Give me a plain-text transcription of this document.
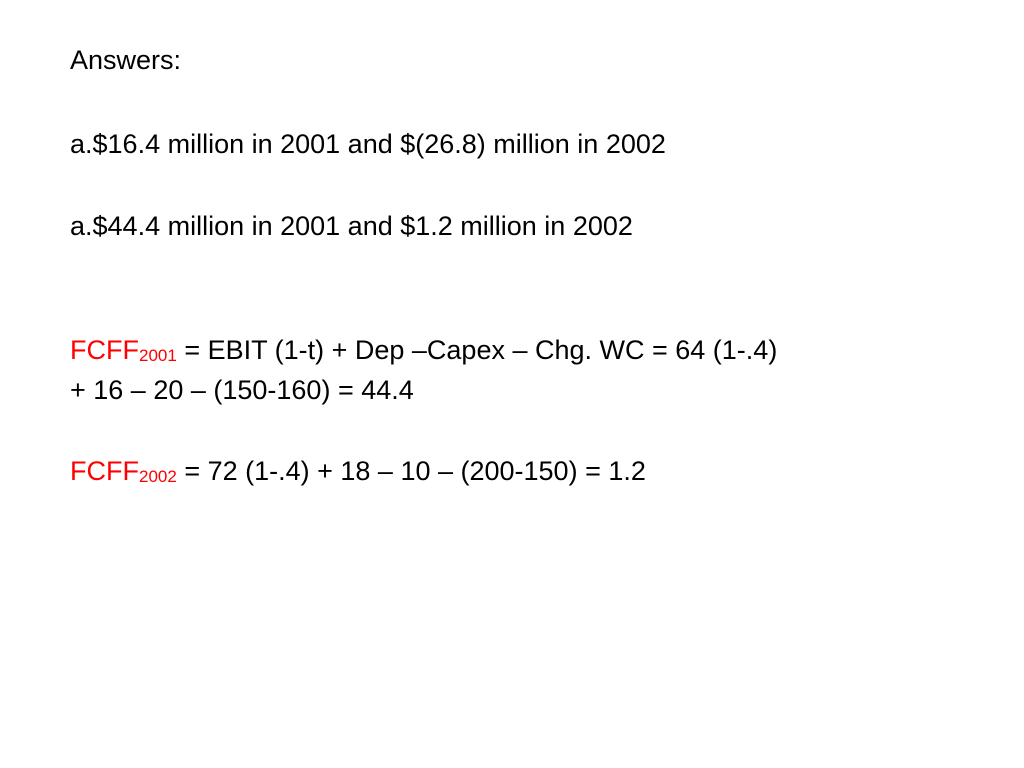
Answers:
a.$16.4 million in 2001 and $(26.8) million in 2002
a.$44.4 million in 2001 and $1.2 million in 2002
FCFF2001 = EBIT (1-t) + Dep –Capex – Chg. WC = 64 (1-.4)
+ 16 – 20 – (150-160) = 44.4
FCFF2002 = 72 (1-.4) + 18 – 10 – (200-150) = 1.2
